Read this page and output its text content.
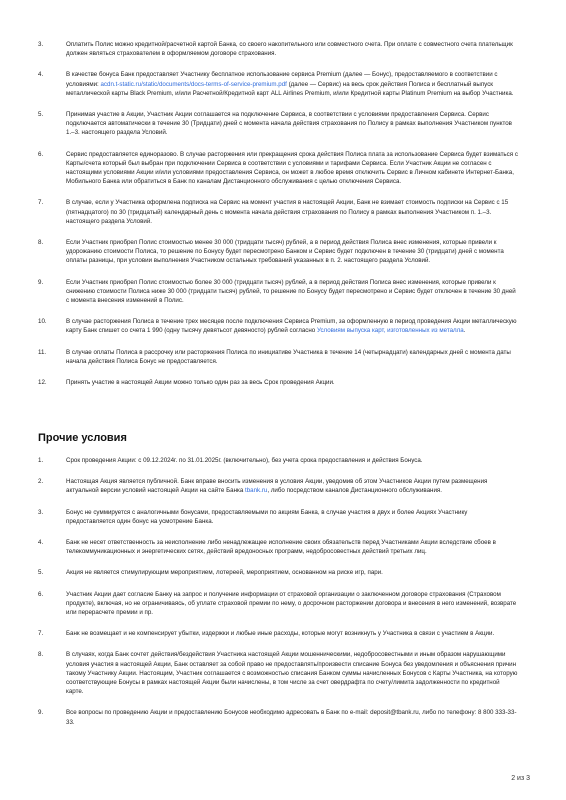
3.	Оплатить Полис можно кредитной/расчетной картой Банка, со своего накопительного или совместного счета. При оплате с совместного счета плательщик должен являться страхователем в оформляемом договоре страхования.
4.	В качестве бонуса Банк предоставляет Участнику бесплатное использование сервиса Premium (далее — Бонус), предоставляемого в соответствии с условиями: acdn.t-static.ru/static/documents/docs-terms-of-service-premium.pdf (далее — Сервис) на весь срок действия Полиса и бесплатный выпуск металлической карты Black Premium, и/или Расчетной/Кредитной карт ALL Airlines Premium, и/или Кредитной карты Platinum Premium на выбор Участника.
5.	Принимая участие в Акции, Участник Акции соглашается на подключение Сервиса, в соответствии с условиями предоставления Сервиса. Сервис подключается автоматически в течение 30 (Тридцати) дней с момента начала действия страхования по Полису в рамках выполнения Участником пунктов 1.–3. настоящего раздела Условий.
6.	Сервис предоставляется единоразово. В случае расторжения или прекращения срока действия Полиса плата за использование Сервиса будет взиматься с Карты/счета который был выбран при подключении Сервиса в соответствии с условиями и тарифами Сервиса. Если Участник Акции не согласен с настоящими условиями Акции и/или условиями предоставления Сервиса, он может в любое время отключить Сервис в Личном кабинете Интернет-Банка, Мобильного Банка или обратиться в Банк по каналам Дистанционного обслуживания с целью отключения Сервиса.
7.	В случае, если у Участника оформлена подписка на Сервис на момент участия в настоящей Акции, Банк не взимает стоимость подписки на Сервис с 15 (пятнадцатого) по 30 (тридцатый) календарный день с момента начала действия страхования по Полису в рамках выполнения Участником п. 1.–3. настоящего раздела Условий.
8.	Если Участник приобрел Полис стоимостью менее 30 000 (тридцати тысяч) рублей, а в период действия Полиса внес изменения, которые привели к удорожанию стоимости Полиса, то решение по Бонусу будет пересмотрено Банком и Сервис будет подключен в течение 30 (тридцати) дней с момента оплаты разницы, при условии выполнения Участником остальных требований указанных в п. 2. настоящего раздела Условий.
9.	Если Участник приобрел Полис стоимостью более 30 000 (тридцати тысяч) рублей, а в период действия Полиса внес изменения, которые привели к снижению стоимости Полиса ниже 30 000 (тридцати тысяч) рублей, то решение по Бонусу будет пересмотрено и Сервис будет отключен в течение 30 дней с момента внесения изменений в Полис.
10.	В случае расторжения Полиса в течение трех месяцев после подключения Сервиса Premium, за оформленную в период проведения Акции металлическую карту Банк спишет со счета 1 990 (одну тысячу девятьсот девяносто) рублей согласно Условиям выпуска карт, изготовленных из металла.
11.	В случае оплаты Полиса в рассрочку или расторжения Полиса по инициативе Участника в течение 14 (четырнадцати) календарных дней с момента даты начала действия Полиса Бонус не предоставляется.
12.	Принять участие в настоящей Акции можно только один раз за весь Срок проведения Акции.
Прочие условия
1.	Срок проведения Акции: с 09.12.2024г. по 31.01.2025г. (включительно), без учета срока предоставления и действия Бонуса.
2.	Настоящая Акция является публичной. Банк вправе вносить изменения в условия Акции, уведомив об этом Участников Акции путем размещения актуальной версии условий настоящей Акции на сайте Банка tbank.ru, либо посредством каналов Дистанционного обслуживания.
3.	Бонус не суммируется с аналогичными бонусами, предоставляемыми по акциям Банка, в случае участия в двух и более Акциях Участнику предоставляется один бонус на усмотрение Банка.
4.	Банк не несет ответственность за неисполнение либо ненадлежащее исполнение своих обязательств перед Участниками Акции вследствие сбоев в телекоммуникационных и энергетических сетях, действий вредоносных программ, недобросовестных действий третьих лиц.
5.	Акция не является стимулирующим мероприятием, лотереей, мероприятием, основанном на риске игр, пари.
6.	Участник Акции дает согласие Банку на запрос и получение информации от страховой организации о заключенном договоре страхования (Страховом продукте), включая, но не ограничиваясь, об уплате страховой премии по нему, о досрочном расторжении договора и внесения в него изменений, возврате или перерасчете премии и пр.
7.	Банк не возмещает и не компенсирует убытки, издержки и любые иные расходы, которые могут возникнуть у Участника в связи с участием в Акции.
8.	В случаях, когда Банк сочтет действия/бездействия Участника настоящей Акции мошенническими, недобросовестными и иным образом нарушающими условия участия в настоящей Акции, Банк оставляет за собой право не предоставлять/произвести списание Бонуса без уведомления и объяснения причин такому Участнику Акции. Настоящим, Участник соглашается с возможностью списания Банком суммы начисленных Бонусов с Карты Участника, на которую соответствующие Бонусы в рамках настоящей Акции были начислены, в том числе за счет овердрафта по счету/лимита задолженности по кредитной карте.
9.	Все вопросы по проведению Акции и предоставлению Бонусов необходимо адресовать в Банк по e-mail: deposit@tbank.ru, либо по телефону: 8 800 333-33-33.
2 из 3
